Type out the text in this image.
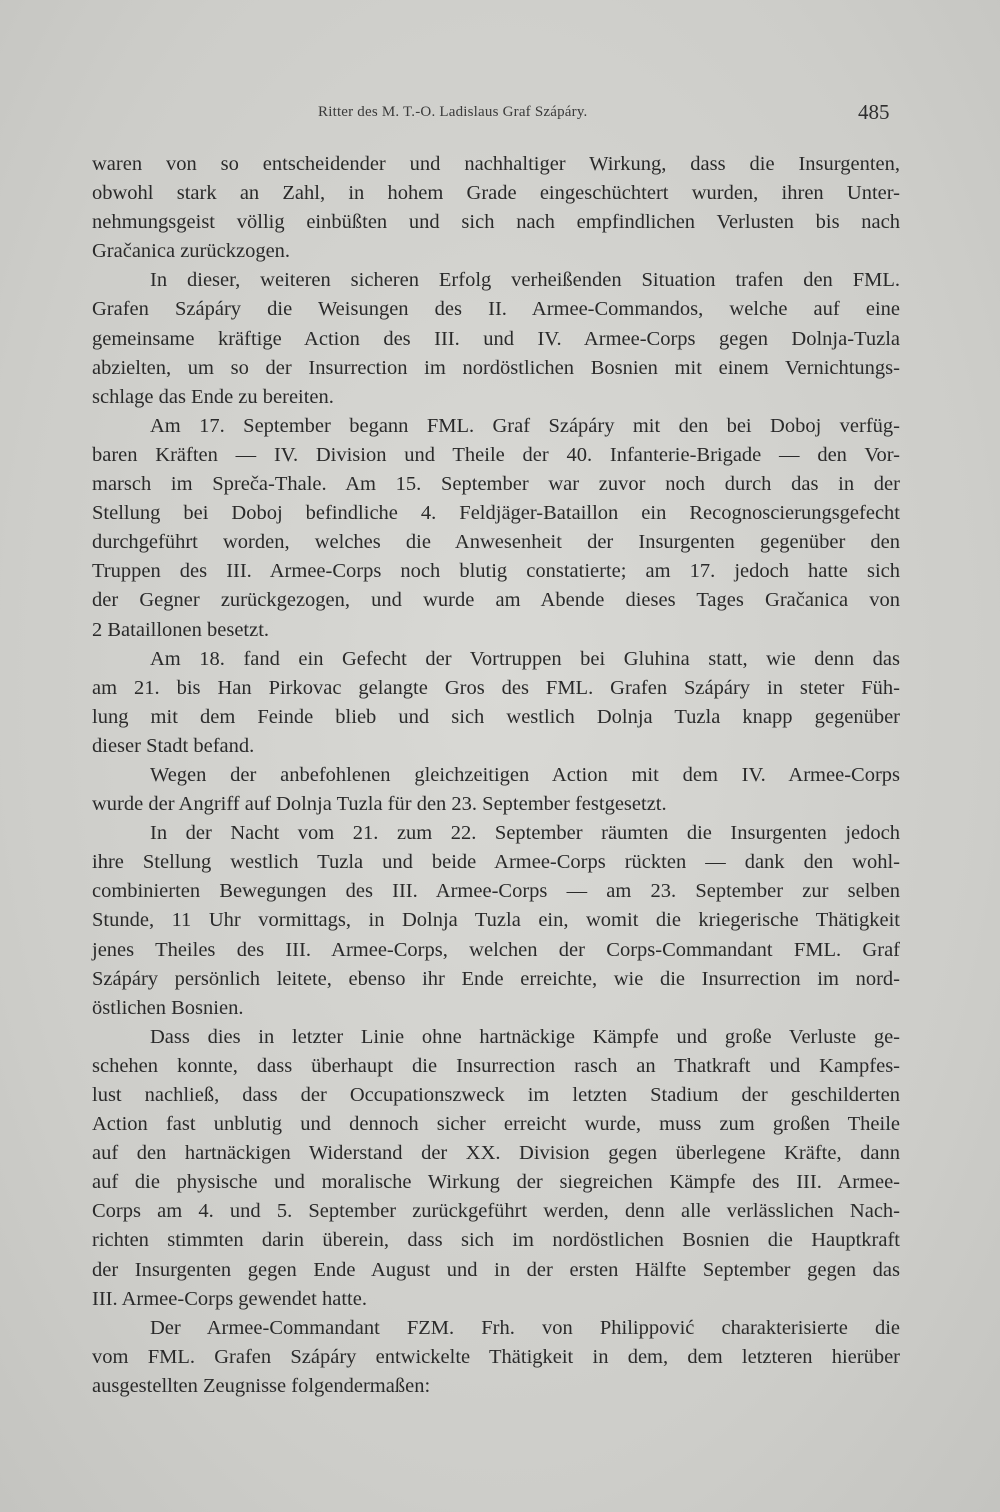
Ritter des M. T.-O. Ladislaus Graf Szápáry.	485
waren von so entscheidender und nachhaltiger Wirkung, dass die Insurgenten,
obwohl stark an Zahl, in hohem Grade eingeschüchtert wurden, ihren Unter-
nehmungsgeist völlig einbüßten und sich nach empfindlichen Verlusten bis nach
Gračanica zurückzogen.
In dieser, weiteren sicheren Erfolg verheißenden Situation trafen den FML.
Grafen Szápáry die Weisungen des II. Armee-Commandos, welche auf eine
gemeinsame kräftige Action des III. und IV. Armee-Corps gegen Dolnja-Tuzla
abzielten, um so der Insurrection im nordöstlichen Bosnien mit einem Vernichtungs-
schlage das Ende zu bereiten.
Am 17. September begann FML. Graf Szápáry mit den bei Doboj verfüg-
baren Kräften — IV. Division und Theile der 40. Infanterie-Brigade — den Vor-
marsch im Spreča-Thale. Am 15. September war zuvor noch durch das in der
Stellung bei Doboj befindliche 4. Feldjäger-Bataillon ein Recognoscierungsgefecht
durchgeführt worden, welches die Anwesenheit der Insurgenten gegenüber den
Truppen des III. Armee-Corps noch blutig constatierte; am 17. jedoch hatte sich
der Gegner zurückgezogen, und wurde am Abende dieses Tages Gračanica von
2 Bataillonen besetzt.
Am 18. fand ein Gefecht der Vortruppen bei Gluhina statt, wie denn das
am 21. bis Han Pirkovac gelangte Gros des FML. Grafen Szápáry in steter Füh-
lung mit dem Feinde blieb und sich westlich Dolnja Tuzla knapp gegenüber
dieser Stadt befand.
Wegen der anbefohlenen gleichzeitigen Action mit dem IV. Armee-Corps
wurde der Angriff auf Dolnja Tuzla für den 23. September festgesetzt.
In der Nacht vom 21. zum 22. September räumten die Insurgenten jedoch
ihre Stellung westlich Tuzla und beide Armee-Corps rückten — dank den wohl-
combinierten Bewegungen des III. Armee-Corps — am 23. September zur selben
Stunde, 11 Uhr vormittags, in Dolnja Tuzla ein, womit die kriegerische Thätigkeit
jenes Theiles des III. Armee-Corps, welchen der Corps-Commandant FML. Graf
Szápáry persönlich leitete, ebenso ihr Ende erreichte, wie die Insurrection im nord-
östlichen Bosnien.
Dass dies in letzter Linie ohne hartnäckige Kämpfe und große Verluste ge-
schehen konnte, dass überhaupt die Insurrection rasch an Thatkraft und Kampfes-
lust nachließ, dass der Occupationszweck im letzten Stadium der geschilderten
Action fast unblutig und dennoch sicher erreicht wurde, muss zum großen Theile
auf den hartnäckigen Widerstand der XX. Division gegen überlegene Kräfte, dann
auf die physische und moralische Wirkung der siegreichen Kämpfe des III. Armee-
Corps am 4. und 5. September zurückgeführt werden, denn alle verlässlichen Nach-
richten stimmten darin überein, dass sich im nordöstlichen Bosnien die Hauptkraft
der Insurgenten gegen Ende August und in der ersten Hälfte September gegen das
III. Armee-Corps gewendet hatte.
Der Armee-Commandant FZM. Frh. von Philippović charakterisierte die
vom FML. Grafen Szápáry entwickelte Thätigkeit in dem, dem letzteren hierüber
ausgestellten Zeugnisse folgendermaßen:
